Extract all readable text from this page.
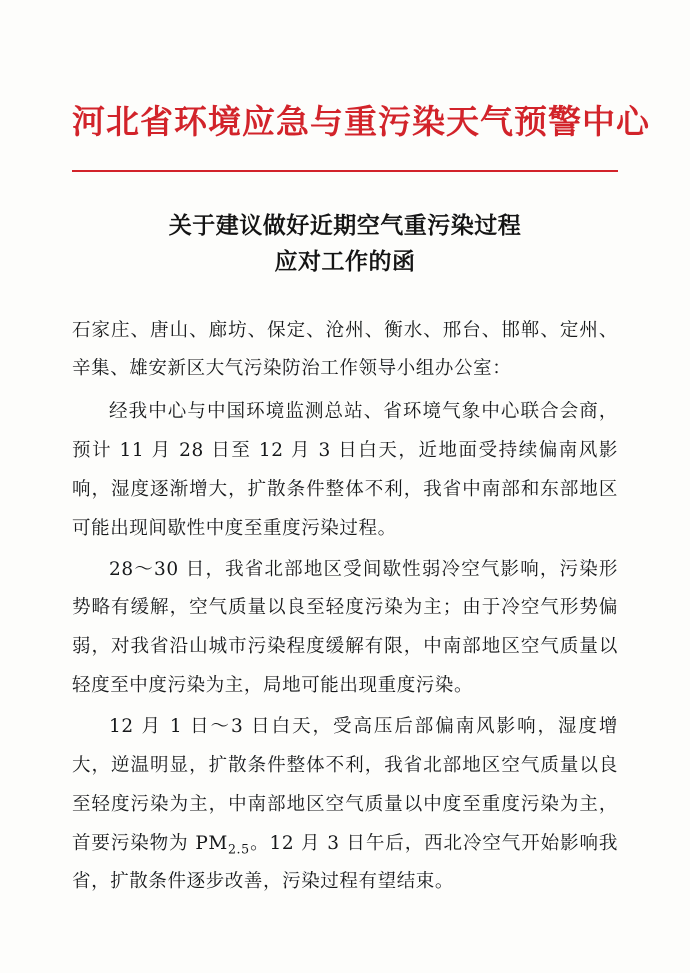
河北省环境应急与重污染天气预警中心
关于建议做好近期空气重污染过程
应对工作的函

石家庄、唐山、廊坊、保定、沧州、衡水、邢台、邯郸、定州、辛集、雄安新区大气污染防治工作领导小组办公室：

经我中心与中国环境监测总站、省环境气象中心联合会商，预计 11 月 28 日至 12 月 3 日白天，近地面受持续偏南风影响，湿度逐渐增大，扩散条件整体不利，我省中南部和东部地区可能出现间歇性中度至重度污染过程。

28～30 日，我省北部地区受间歇性弱冷空气影响，污染形势略有缓解，空气质量以良至轻度污染为主；由于冷空气形势偏弱，对我省沿山城市污染程度缓解有限，中南部地区空气质量以轻度至中度污染为主，局地可能出现重度污染。

12 月 1 日～3 日白天，受高压后部偏南风影响，湿度增大，逆温明显，扩散条件整体不利，我省北部地区空气质量以良至轻度污染为主，中南部地区空气质量以中度至重度污染为主，首要污染物为 $PM_{2.5}$。12 月 3 日午后，西北冷空气开始影响我省，扩散条件逐步改善，污染过程有望结束。
